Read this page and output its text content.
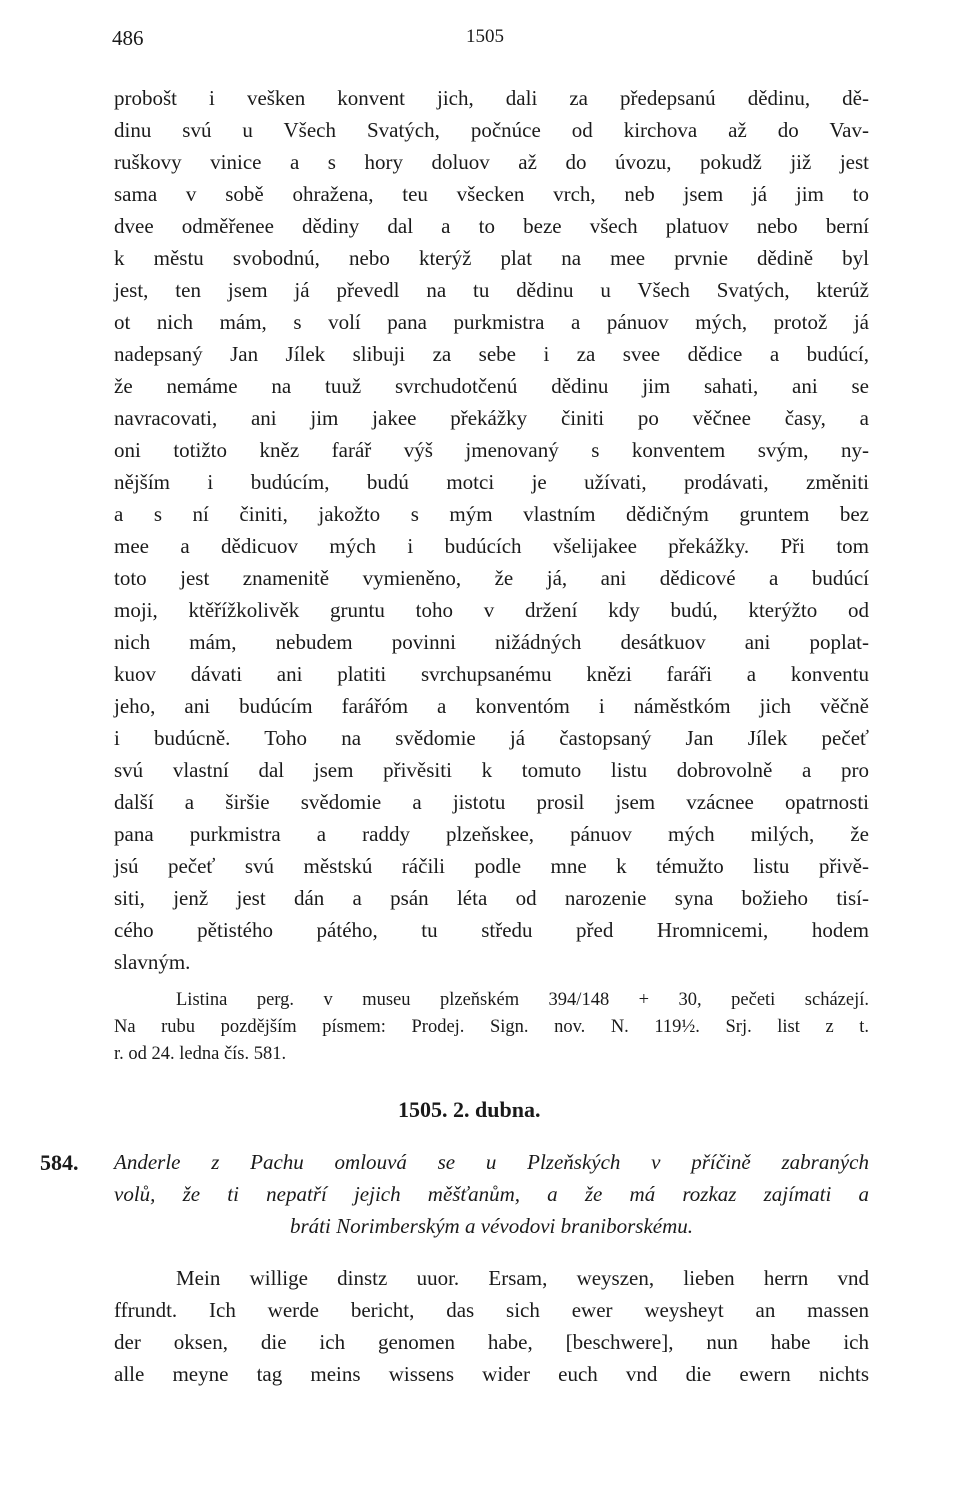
486	1505
probošt i vešken konvent jich, dali za předepsanú dědinu, dě-
dinu svú u Všech Svatých, počnúce od kirchova až do Vav-
ruškovy vinice a s hory doluov až do úvozu, pokudž již jest
sama v sobě ohražena, teu všecken vrch, neb jsem já jim to
dvee odměřenee dědiny dal a to beze všech platuov nebo berní
k městu svobodnú, nebo kterýž plat na mee prvnie dědině byl
jest, ten jsem já převedl na tu dědinu u Všech Svatých, kterúž
ot nich mám, s volí pana purkmistra a pánuov mých, protož já
nadepsaný Jan Jílek slibuji za sebe i za svee dědice a budúcí,
že nemáme na tuuž svrchudotčenú dědinu jim sahati, ani se
navracovati, ani jim jakee překážky činiti po věčnee časy, a
oni totižto kněz farář výš jmenovaný s konventem svým, ny-
nějším i budúcím, budú motci je užívati, prodávati, změniti
a s ní činiti, jakožto s mým vlastním dědičným gruntem bez
mee a dědicuov mých i budúcích všelijakee překážky. Při tom
toto jest znamenitě vymieněno, že já, ani dědicové a budúcí
moji, ktěřížkolivěk gruntu toho v držení kdy budú, kterýžto od
nich mám, nebudem povinni nižádných desátkuov ani poplat-
kuov dávati ani platiti svrchupsanému knězi faráři a konventu
jeho, ani budúcím farářóm a konventóm i náměstkóm jich věčně
i budúcně. Toho na svědomie já častopsaný Jan Jílek pečeť
svú vlastní dal jsem přivěsiti k tomuto listu dobrovolně a pro
další a širšie svědomie a jistotu prosil jsem vzácnee opatrnosti
pana purkmistra a raddy plzeňskee, pánuov mých milých, že
jsú pečeť svú městskú ráčili podle mne k témužto listu přivě-
siti, jenž jest dán a psán léta od narozenie syna božieho tisí-
cého pětistého pátého, tu středu před Hromnicemi, hodem
slavným.
Listina perg. v museu plzeňském 394/148 + 30, pečeti scházejí.
Na rubu pozdějším písmem: Prodej. Sign. nov. N. 119½. Srj. list z t.
r. od 24. ledna čís. 581.
1505. 2. dubna.
584. Anderle z Pachu omlouvá se u Plzeňských v příčině zabraných
volů, že ti nepatří jejich měšťanům, a že má rozkaz zajímati a
bráti Norimberským a vévodovi braniborskému.
Mein willige dinstz uuor. Ersam, weyszen, lieben herrn vnd
ffrundt. Ich werde bericht, das sich ewer weysheyt an massen
der oksen, die ich genomen habe, [beschwere], nun habe ich
alle meyne tag meins wissens wider euch vnd die ewern nichts
